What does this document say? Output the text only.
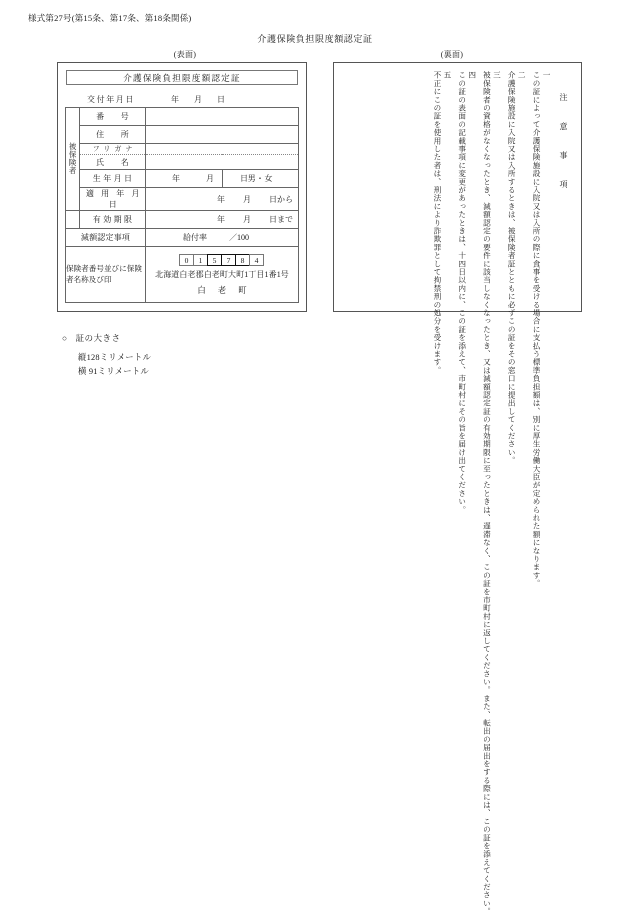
様式第27号(第15条、第17条、第18条関係)
介護保険負担限度額認定証
(表面)	(裏面)
介護保険負担限度額認定証
交付年月日	年 月 日
被
保
険
者	番　　号		
	住　　所		
	フリガナ		
	氏　　名		
	生 年 月 日	年 月 日	男・女
	適 用 年 月 日	年 月 日から	

	有 効 期 限	年 月 日まで	

減額認定事項		給付率 ／100	
保険者番号並びに保険者名称及び印	
0	1	5	7	8	4
北海道白老郡白老町大町1丁目1番1号
白 老 町
注 意 事 項
一
この証によって介護保険施設に入院又は入所の際に食事を受ける場合に支払う標準負担額は、別に厚生労働大臣が定められた額になります。
二
介護保険施設に入院又は入所するときは、被保険者証とともに必ずこの証をその窓口に提出してください。
三
被保険者の資格がなくなったとき、減額認定の要件に該当しなくなったとき、又は減額認定証の有効期限に至ったときは、遅滞なく、この証を市町村に返してください。また、転出の届出をする際には、この証を添えてください。
四
この証の表面の記載事項に変更があったときは、十四日以内に、この証を添えて、市町村にその旨を届け出てください。
五
不正にこの証を使用した者は、刑法により詐欺罪として拘禁刑の処分を受けます。
○ 証の大きさ
縦128ミリメートル
横 91ミリメートル
